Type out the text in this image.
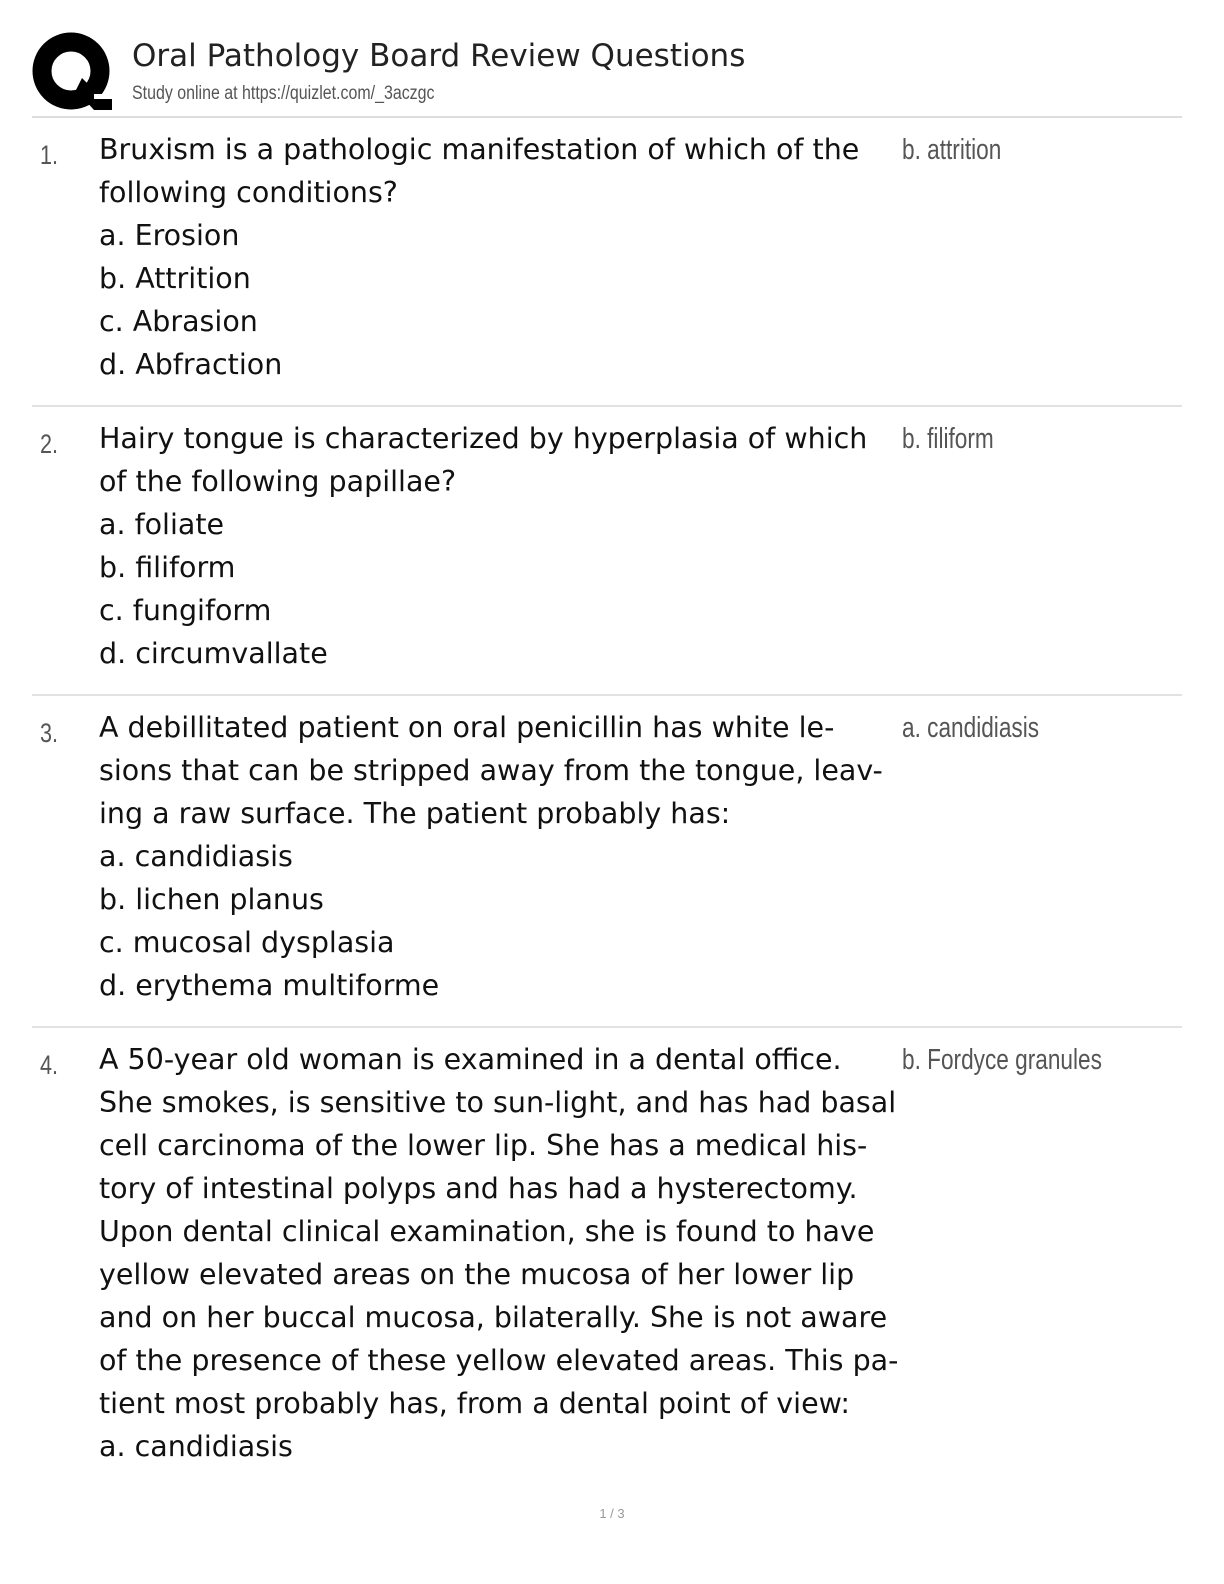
Oral Pathology Board Review Questions
Study online at https://quizlet.com/_3aczgc
1. Bruxism is a pathologic manifestation of which of the
following conditions?
a. Erosion
b. Attrition
c. Abrasion
d. Abfraction
b. attrition
2. Hairy tongue is characterized by hyperplasia of which
of the following papillae?
a. foliate
b. filiform
c. fungiform
d. circumvallate
b. filiform
3. A debillitated patient on oral penicillin has white le-
sions that can be stripped away from the tongue, leav-
ing a raw surface. The patient probably has:
a. candidiasis
b. lichen planus
c. mucosal dysplasia
d. erythema multiforme
a. candidiasis
4. A 50-year old woman is examined in a dental office.
She smokes, is sensitive to sun-light, and has had basal
cell carcinoma of the lower lip. She has a medical his-
tory of intestinal polyps and has had a hysterectomy.
Upon dental clinical examination, she is found to have
yellow elevated areas on the mucosa of her lower lip
and on her buccal mucosa, bilaterally. She is not aware
of the presence of these yellow elevated areas. This pa-
tient most probably has, from a dental point of view:
a. candidiasis
b. Fordyce granules
1 / 3
